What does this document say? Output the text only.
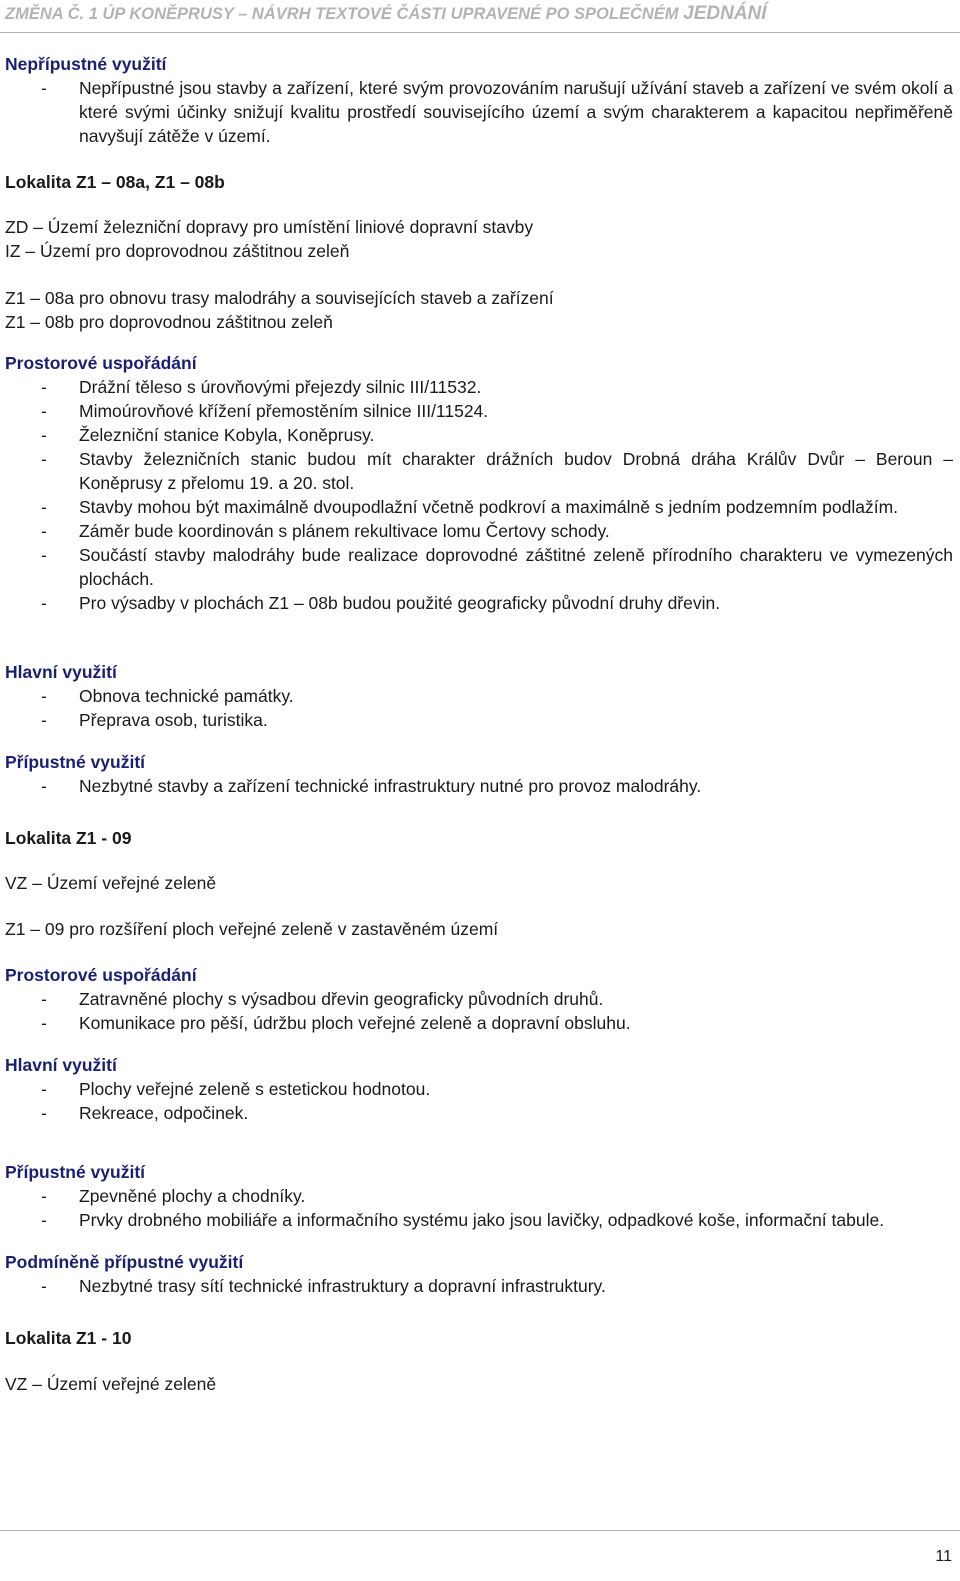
ZMĚNA Č. 1 ÚP KONĚPRUSY – NÁVRH TEXTOVÉ ČÁSTI UPRAVENÉ PO SPOLEČNÉM JEDNÁNÍ

Nepřípustné využití

-	Nepřípustné jsou stavby a zařízení, které svým provozováním narušují užívání staveb a zařízení ve svém okolí a které svými účinky snižují kvalitu prostředí souvisejícího území a svým charakterem a kapacitou nepřiměřeně navyšují zátěže v území.

Lokalita Z1 – 08a, Z1 – 08b

ZD – Území železniční dopravy pro umístění liniové dopravní stavby

IZ – Území pro doprovodnou záštitnou zeleň

Z1 – 08a pro obnovu trasy malodráhy a souvisejících staveb a zařízení

Z1 – 08b pro doprovodnou záštitnou zeleň

Prostorové uspořádání

-	Drážní těleso s úrovňovými přejezdy silnic III/11532.
-	Mimoúrovňové křížení přemostěním silnice III/11524.
-	Železniční stanice Kobyla, Koněprusy.
-	Stavby železničních stanic budou mít charakter drážních budov Drobná dráha Králův Dvůr – Beroun – Koněprusy z přelomu 19. a 20. stol.
-	Stavby mohou být maximálně dvoupodlažní včetně podkroví a maximálně s jedním podzemním podlažím.
-	Záměr bude koordinován s plánem rekultivace lomu Čertovy schody.
-	Součástí stavby malodráhy bude realizace doprovodné záštitné zeleně přírodního charakteru ve vymezených plochách.
-	Pro výsadby v plochách Z1 – 08b budou použité geograficky původní druhy dřevin.

Hlavní využití

-	Obnova technické památky.
-	Přeprava osob, turistika.

Přípustné využití

-	Nezbytné stavby a zařízení technické infrastruktury nutné pro provoz malodráhy.

Lokalita Z1 - 09

VZ – Území veřejné zeleně

Z1 – 09 pro rozšíření ploch veřejné zeleně v zastavěném území

Prostorové uspořádání

-	Zatravněné plochy s výsadbou dřevin geograficky původních druhů.
-	Komunikace pro pěší, údržbu ploch veřejné zeleně a dopravní obsluhu.

Hlavní využití

-	Plochy veřejné zeleně s estetickou hodnotou.
-	Rekreace, odpočinek.

Přípustné využití

-	Zpevněné plochy a chodníky.
-	Prvky drobného mobiliáře a informačního systému jako jsou lavičky, odpadkové koše, informační tabule.

Podmíněně přípustné využití

-	Nezbytné trasy sítí technické infrastruktury a dopravní infrastruktury.

Lokalita Z1 - 10

VZ – Území veřejné zeleně

11
